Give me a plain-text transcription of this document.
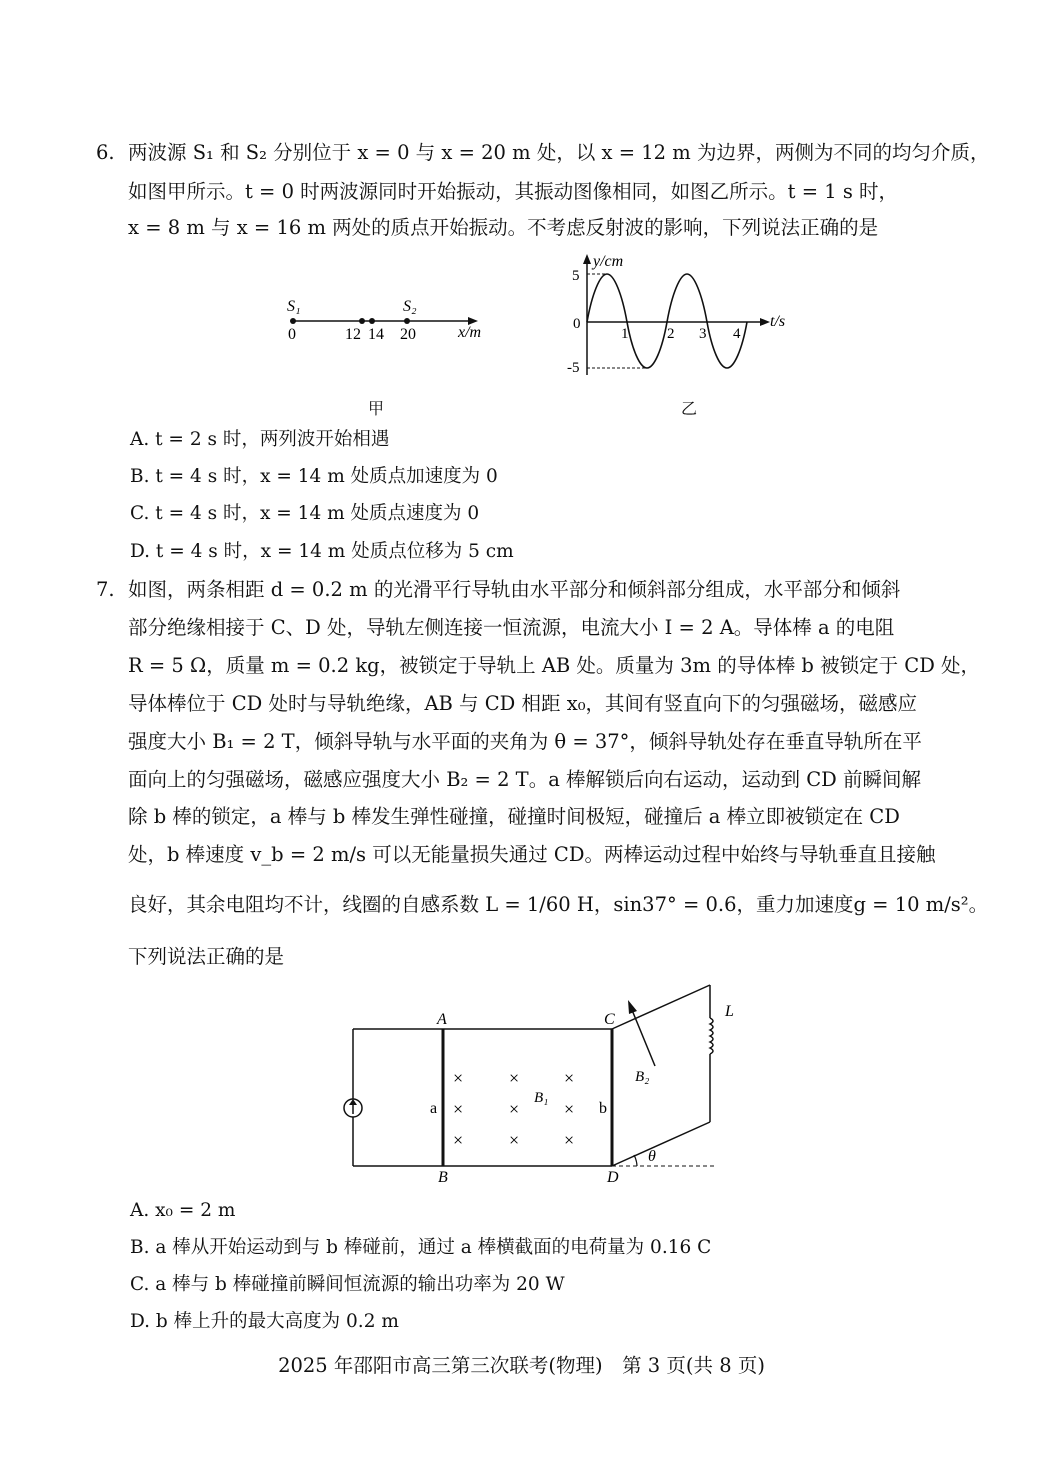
6. 两波源 S₁ 和 S₂ 分别位于 x = 0 与 x = 20 m 处，以 x = 12 m 为边界，两侧为不同的均匀介质，
如图甲所示。t = 0 时两波源同时开始振动，其振动图像相同，如图乙所示。t = 1 s 时，
x = 8 m 与 x = 16 m 两处的质点开始振动。不考虑反射波的影响，下列说法正确的是
S₁	S₂
0	12 14 20	x/m
甲
y/cm
5
0
-5
1	2 3 4
t/s
乙
A. t = 2 s 时，两列波开始相遇
B. t = 4 s 时，x = 14 m 处质点加速度为 0
C. t = 4 s 时，x = 14 m 处质点速度为 0
D. t = 4 s 时，x = 14 m 处质点位移为 5 cm
7. 如图，两条相距 d = 0.2 m 的光滑平行导轨由水平部分和倾斜部分组成，水平部分和倾斜
部分绝缘相接于 C、D 处，导轨左侧连接一恒流源，电流大小 I = 2 A。导体棒 a 的电阻
R = 5 Ω，质量 m = 0.2 kg，被锁定于导轨上 AB 处。质量为 3m 的导体棒 b 被锁定于 CD 处，
导体棒位于 CD 处时与导轨绝缘，AB 与 CD 相距 x₀，其间有竖直向下的匀强磁场，磁感应
强度大小 B₁ = 2 T，倾斜导轨与水平面的夹角为 θ = 37°，倾斜导轨处存在垂直导轨所在平
面向上的匀强磁场，磁感应强度大小 B₂ = 2 T。a 棒解锁后向右运动，运动到 CD 前瞬间解
除 b 棒的锁定，a 棒与 b 棒发生弹性碰撞，碰撞时间极短，碰撞后 a 棒立即被锁定在 CD
处，b 棒速度 v_b = 2 m/s 可以无能量损失通过 CD。两棒运动过程中始终与导轨垂直且接触
良好，其余电阻均不计，线圈的自感系数 L = 1/60 H，sin37° = 0.6，重力加速度g = 10 m/s²。
下列说法正确的是
×	× ×
×	× ×
×	× ×
A
B
C
D
a	b
B₁
B₂
L
θ
A. x₀ = 2 m
B. a 棒从开始运动到与 b 棒碰前，通过 a 棒横截面的电荷量为 0.16 C
C. a 棒与 b 棒碰撞前瞬间恒流源的输出功率为 20 W
D. b 棒上升的最大高度为 0.2 m
2025 年邵阳市高三第三次联考(物理)　第 3 页(共 8 页)
